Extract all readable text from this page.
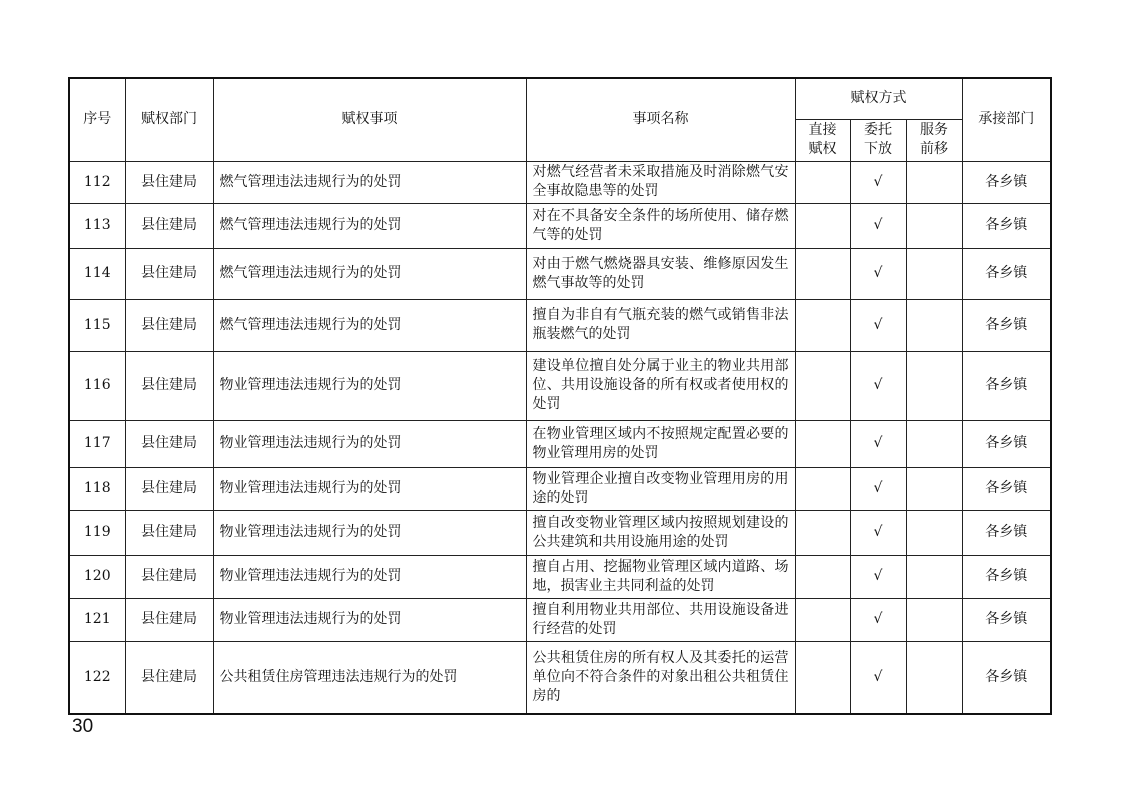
序号	赋权部门	赋权事项	事项名称	赋权方式			承接部门
				直接赋权	委托下放	服务前移	
112	县住建局	燃气管理违法违规行为的处罚	对燃气经营者未采取措施及时消除燃气安全事故隐患等的处罚		√		各乡镇
113	县住建局	燃气管理违法违规行为的处罚	对在不具备安全条件的场所使用、储存燃气等的处罚		√		各乡镇
114	县住建局	燃气管理违法违规行为的处罚	对由于燃气燃烧器具安装、维修原因发生燃气事故等的处罚		√		各乡镇
115	县住建局	燃气管理违法违规行为的处罚	擅自为非自有气瓶充装的燃气或销售非法瓶装燃气的处罚		√		各乡镇
116	县住建局	物业管理违法违规行为的处罚	建设单位擅自处分属于业主的物业共用部位、共用设施设备的所有权或者使用权的处罚		√		各乡镇
117	县住建局	物业管理违法违规行为的处罚	在物业管理区域内不按照规定配置必要的物业管理用房的处罚		√		各乡镇
118	县住建局	物业管理违法违规行为的处罚	物业管理企业擅自改变物业管理用房的用途的处罚		√		各乡镇
119	县住建局	物业管理违法违规行为的处罚	擅自改变物业管理区域内按照规划建设的公共建筑和共用设施用途的处罚		√		各乡镇
120	县住建局	物业管理违法违规行为的处罚	擅自占用、挖掘物业管理区域内道路、场地，损害业主共同利益的处罚		√		各乡镇
121	县住建局	物业管理违法违规行为的处罚	擅自利用物业共用部位、共用设施设备进行经营的处罚		√		各乡镇
122	县住建局	公共租赁住房管理违法违规行为的处罚	公共租赁住房的所有权人及其委托的运营单位向不符合条件的对象出租公共租赁住房的		√		各乡镇
30
